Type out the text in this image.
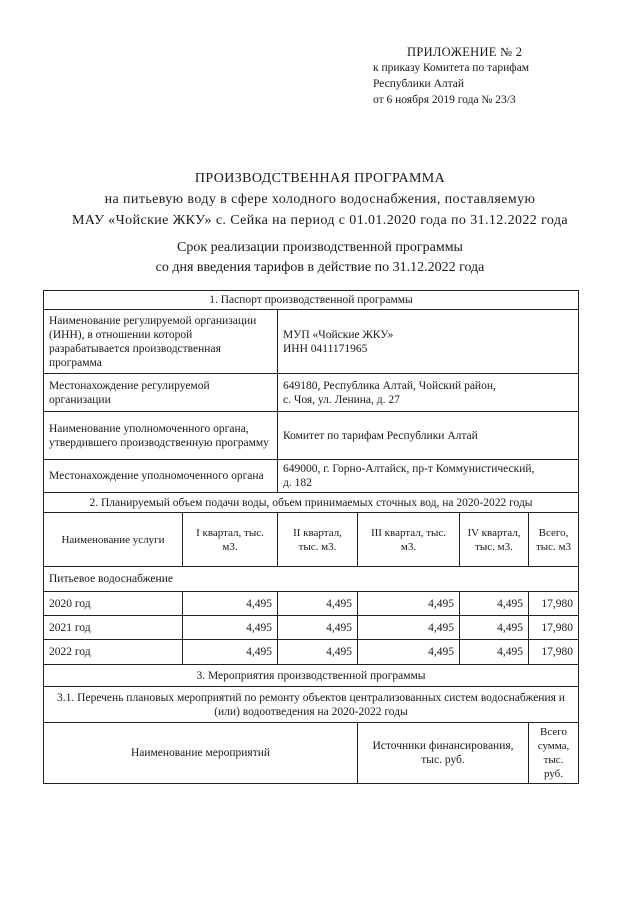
ПРИЛОЖЕНИЕ № 2
к приказу Комитета по тарифам
Республики Алтай
от 6 ноября 2019 года № 23/3
ПРОИЗВОДСТВЕННАЯ ПРОГРАММА
на питьевую воду в сфере холодного водоснабжения, поставляемую
МАУ «Чойские ЖКУ» с. Сейка на период с 01.01.2020 года по 31.12.2022 года
Срок реализации производственной программы
со дня введения тарифов в действие по 31.12.2022 года
1. Паспорт производственной программы					
Наименование регулируемой организации (ИНН), в отношении которой разрабатывается производственная программа		МУП «Чойские ЖКУ»
ИНН 0411171965			

Местонахождение регулируемой организации		649180, Республика Алтай, Чойский район,
с. Чоя, ул. Ленина, д. 27			

Наименование уполномоченного органа, утвердившего производственную программу		Комитет по тарифам Республики Алтай			

Местонахождение уполномоченного органа		649000, г. Горно-Алтайск, пр-т Коммунистический,
д. 182			

2. Планируемый объем подачи воды, объем принимаемых сточных вод, на 2020-2022 годы					
Наименование услуги	I квартал, тыс. м3.	II квартал, тыс. м3.	III квартал, тыс. м3.	IV квартал, тыс. м3.	Всего, тыс. м3
Питьевое водоснабжение					
2020 год	4,495	4,495	4,495	4,495	17,980
2021 год	4,495	4,495	4,495	4,495	17,980
2022 год	4,495	4,495	4,495	4,495	17,980
3. Мероприятия производственной программы					
3.1. Перечень плановых мероприятий по ремонту объектов централизованных систем водоснабжения и (или) водоотведения на 2020-2022 годы					
Наименование мероприятий			Источники финансирования, тыс. руб.		Всего сумма, тыс. руб.
